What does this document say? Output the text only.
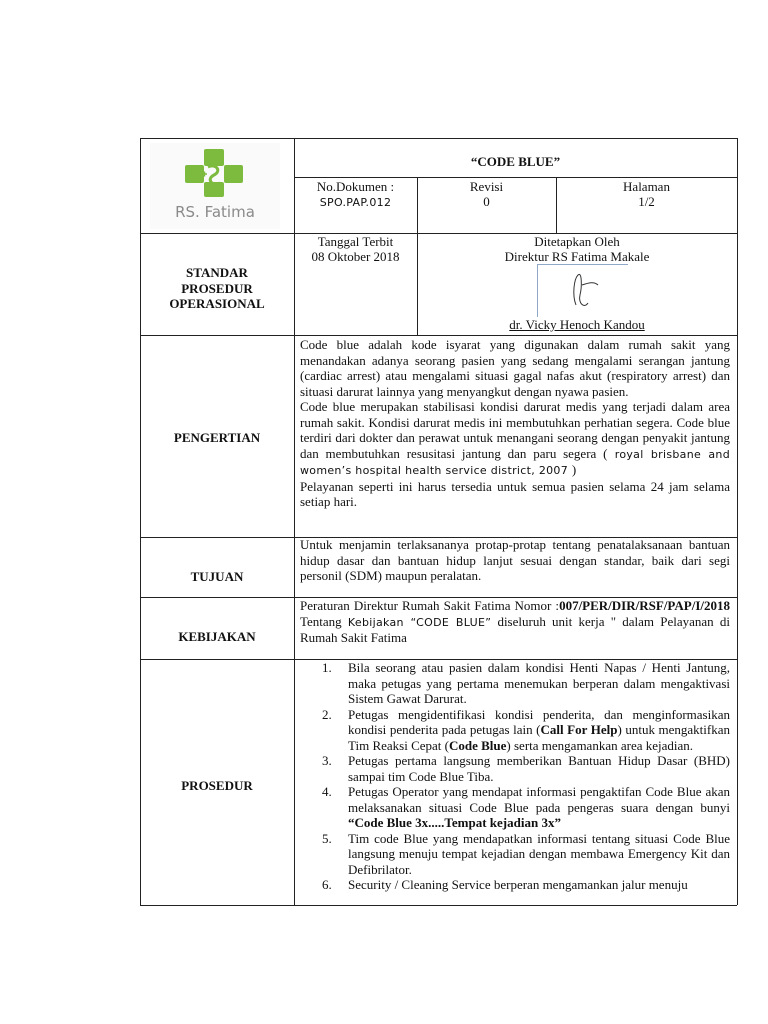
RS. Fatima
“CODE BLUE”
No.Dokumen :
SPO.PAP.012
Revisi
0
Halaman
1/2
STANDAR
PROSEDUR
OPERASIONAL
Tanggal Terbit
08 Oktober 2018
Ditetapkan Oleh
Direktur RS Fatima Makale
dr. Vicky Henoch Kandou
PENGERTIAN
Code blue adalah kode isyarat yang digunakan dalam rumah sakit yang menandakan adanya seorang pasien yang sedang mengalami serangan jantung (cardiac arrest) atau mengalami situasi gagal nafas akut (respiratory arrest) dan situasi darurat lainnya yang menyangkut dengan nyawa pasien.
Code blue merupakan stabilisasi kondisi darurat medis yang terjadi dalam area rumah sakit. Kondisi darurat medis ini membutuhkan perhatian segera. Code blue terdiri dari dokter dan perawat untuk menangani seorang dengan penyakit jantung dan membutuhkan resusitasi jantung dan paru segera ( royal brisbane and women’s hospital health service district, 2007 )
Pelayanan seperti ini harus tersedia untuk semua pasien selama 24 jam selama setiap hari.
TUJUAN
Untuk menjamin terlaksananya protap-protap tentang penatalaksanaan bantuan hidup dasar dan bantuan hidup lanjut sesuai dengan standar, baik dari segi personil (SDM) maupun peralatan.
KEBIJAKAN
Peraturan Direktur Rumah Sakit Fatima Nomor :007/PER/DIR/RSF/PAP/I/2018 Tentang Kebijakan “CODE BLUE” diseluruh unit kerja " dalam Pelayanan di Rumah Sakit Fatima
PROSEDUR
1. Bila seorang atau pasien dalam kondisi Henti Napas / Henti Jantung, maka petugas yang pertama menemukan berperan dalam mengaktivasi Sistem Gawat Darurat.
2. Petugas mengidentifikasi kondisi penderita, dan menginformasikan kondisi penderita pada petugas lain (Call For Help) untuk mengaktifkan Tim Reaksi Cepat (Code Blue) serta mengamankan area kejadian.
3. Petugas pertama langsung memberikan Bantuan Hidup Dasar (BHD) sampai tim Code Blue Tiba.
4. Petugas Operator yang mendapat informasi pengaktifan Code Blue akan melaksanakan situasi Code Blue pada pengeras suara dengan bunyi “Code Blue 3x.....Tempat kejadian 3x”
5. Tim code Blue yang mendapatkan informasi tentang situasi Code Blue langsung menuju tempat kejadian dengan membawa Emergency Kit dan Defibrilator.
6. Security / Cleaning Service berperan mengamankan jalur menuju
